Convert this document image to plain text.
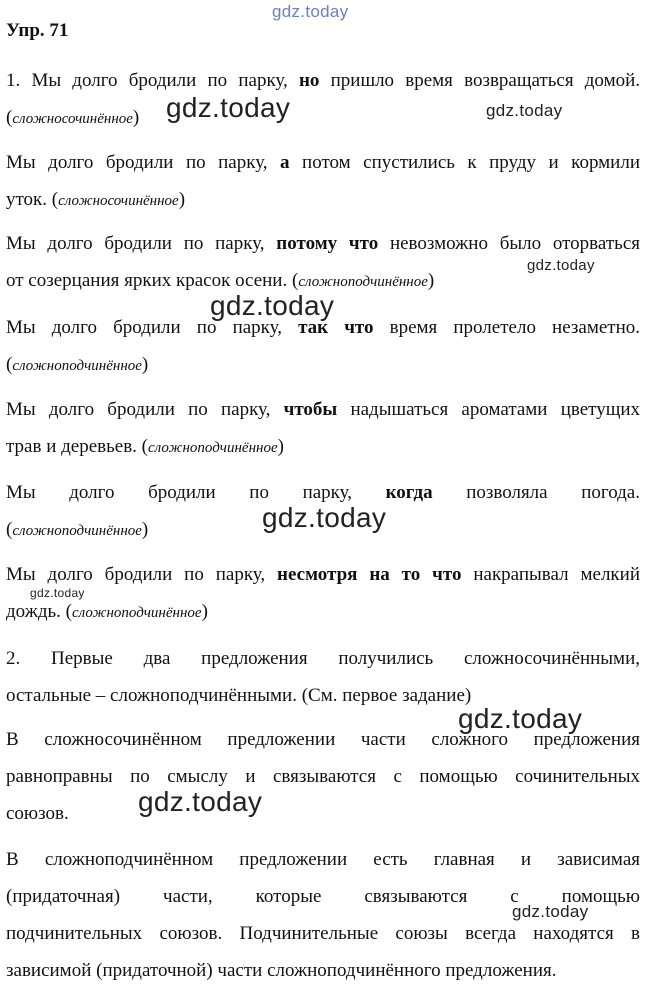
gdz.today
Упр. 71
1. Мы долго бродили по парку, но пришло время возвращаться домой.
(сложносочинённое) gdz.today	gdz.today
Мы долго бродили по парку, а потом спустились к пруду и кормили
уток. (сложносочинённое)
Мы долго бродили по парку, потому что невозможно было оторваться
от созерцания ярких красок осени. (сложноподчинённое)
gdz.today
gdz.today
Мы долго бродили по парку, так что время пролетело незаметно.
(сложноподчинённое)
Мы долго бродили по парку, чтобы надышаться ароматами цветущих
трав и деревьев. (сложноподчинённое)
Мы долго бродили по парку, когда позволяла погода.
(сложноподчинённое)	gdz.today
Мы долго бродили по парку, несмотря на то что накрапывал мелкий
дождь. (сложноподчинённое)
gdz.today
2. Первые два предложения получились сложносочинёнными,
остальные – сложноподчинёнными. (См. первое задание)
gdz.today
В сложносочинённом предложении части сложного предложения
равноправны по смыслу и связываются с помощью сочинительных
союзов.	gdz.today
В сложноподчинённом предложении есть главная и зависимая
(придаточная) части, которые связываются с помощью
подчинительных союзов. Подчинительные союзы всегда находятся в
зависимой (придаточной) части сложноподчинённого предложения.
gdz.today
